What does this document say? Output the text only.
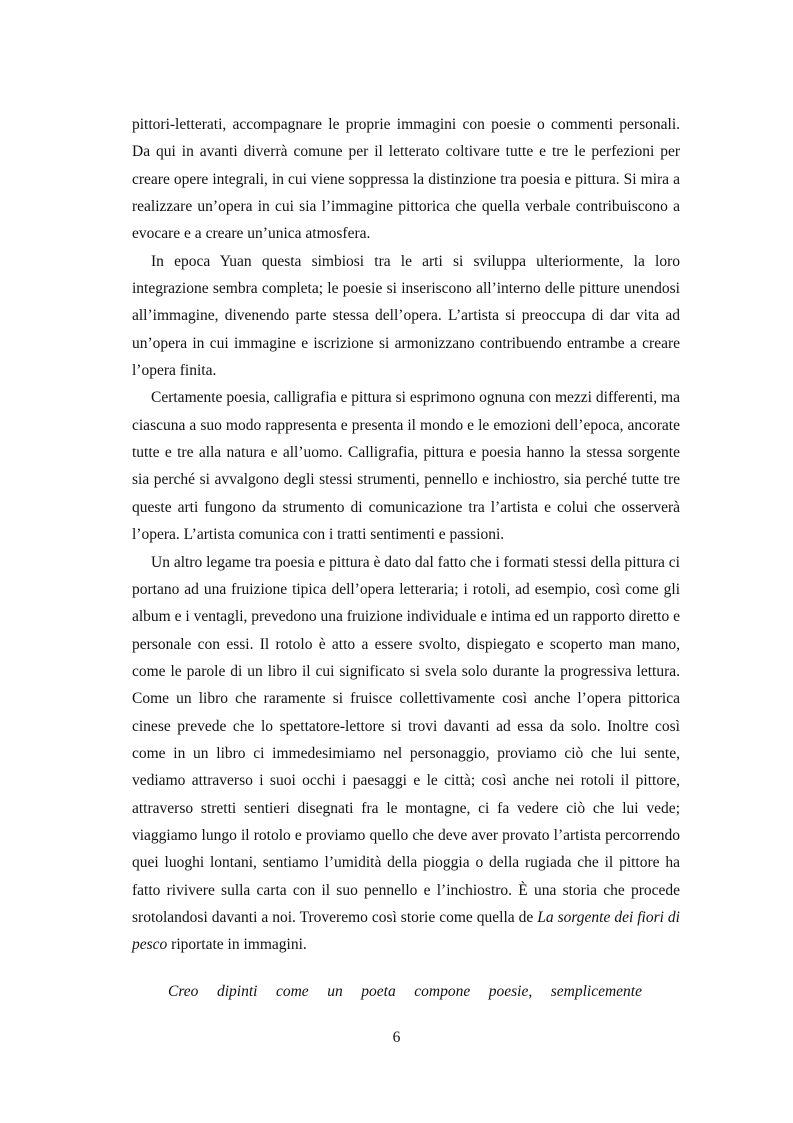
pittori-letterati, accompagnare le proprie immagini con poesie o commenti personali. Da qui in avanti diverrà comune per il letterato coltivare tutte e tre le perfezioni per creare opere integrali, in cui viene soppressa la distinzione tra poesia e pittura. Si mira a realizzare un’opera in cui sia l’immagine pittorica che quella verbale contribuiscono a evocare e a creare un’unica atmosfera.

In epoca Yuan questa simbiosi tra le arti si sviluppa ulteriormente, la loro integrazione sembra completa; le poesie si inseriscono all’interno delle pitture unendosi all’immagine, divenendo parte stessa dell’opera. L’artista si preoccupa di dar vita ad un’opera in cui immagine e iscrizione si armonizzano contribuendo entrambe a creare l’opera finita.

Certamente poesia, calligrafia e pittura si esprimono ognuna con mezzi differenti, ma ciascuna a suo modo rappresenta e presenta il mondo e le emozioni dell’epoca, ancorate tutte e tre alla natura e all’uomo. Calligrafia, pittura e poesia hanno la stessa sorgente sia perché si avvalgono degli stessi strumenti, pennello e inchiostro, sia perché tutte tre queste arti fungono da strumento di comunicazione tra l’artista e colui che osserverà l’opera. L’artista comunica con i tratti sentimenti e passioni.

Un altro legame tra poesia e pittura è dato dal fatto che i formati stessi della pittura ci portano ad una fruizione tipica dell’opera letteraria; i rotoli, ad esempio, così come gli album e i ventagli, prevedono una fruizione individuale e intima ed un rapporto diretto e personale con essi. Il rotolo è atto a essere svolto, dispiegato e scoperto man mano, come le parole di un libro il cui significato si svela solo durante la progressiva lettura. Come un libro che raramente si fruisce collettivamente così anche l’opera pittorica cinese prevede che lo spettatore-lettore si trovi davanti ad essa da solo. Inoltre così come in un libro ci immedesimiamo nel personaggio, proviamo ciò che lui sente, vediamo attraverso i suoi occhi i paesaggi e le città; così anche nei rotoli il pittore, attraverso stretti sentieri disegnati fra le montagne, ci fa vedere ciò che lui vede; viaggiamo lungo il rotolo e proviamo quello che deve aver provato l’artista percorrendo quei luoghi lontani, sentiamo l’umidità della pioggia o della rugiada che il pittore ha fatto rivivere sulla carta con il suo pennello e l’inchiostro. È una storia che procede srotolandosi davanti a noi. Troveremo così storie come quella de La sorgente dei fiori di pesco riportate in immagini.

Creo dipinti come un poeta compone poesie, semplicemente

6
